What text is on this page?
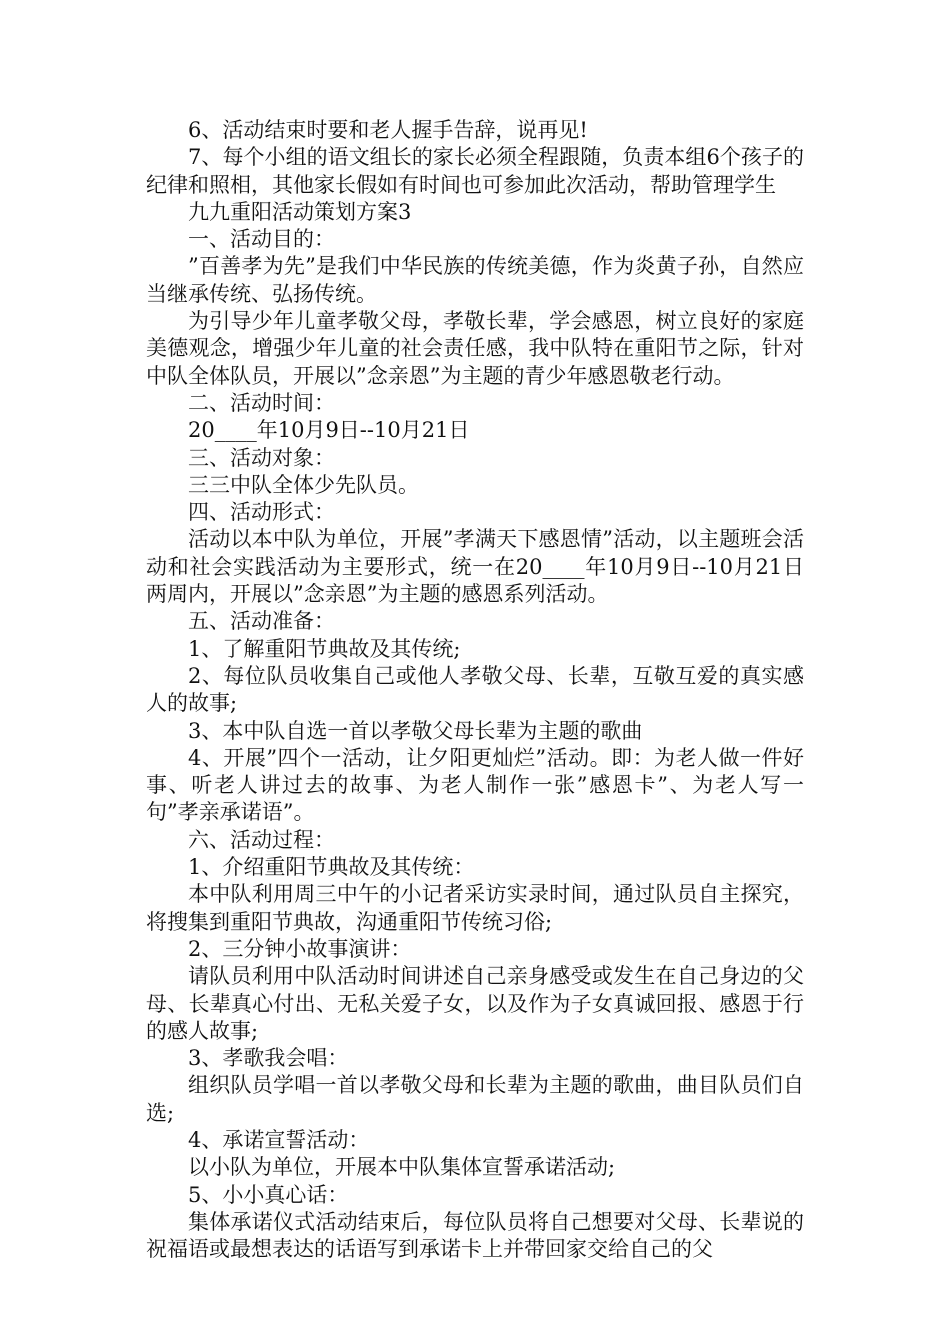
6、活动结束时要和老人握手告辞，说再见!

7、每个小组的语文组长的家长必须全程跟随，负责本组6个孩子的纪律和照相，其他家长假如有时间也可参加此次活动，帮助管理学生

九九重阳活动策划方案3

一、活动目的：

”百善孝为先”是我们中华民族的传统美德，作为炎黄子孙，自然应当继承传统、弘扬传统。

为引导少年儿童孝敬父母，孝敬长辈，学会感恩，树立良好的家庭美德观念，增强少年儿童的社会责任感，我中队特在重阳节之际，针对中队全体队员，开展以”念亲恩”为主题的青少年感恩敬老行动。

二、活动时间：

20____年10月9日--10月21日

三、活动对象：

三三中队全体少先队员。

四、活动形式：

活动以本中队为单位，开展”孝满天下感恩情”活动，以主题班会活动和社会实践活动为主要形式，统一在20____年10月9日--10月21日两周内，开展以”念亲恩”为主题的感恩系列活动。

五、活动准备：

1、了解重阳节典故及其传统;

2、每位队员收集自己或他人孝敬父母、长辈，互敬互爱的真实感人的故事;

3、本中队自选一首以孝敬父母长辈为主题的歌曲

4、开展”四个一活动，让夕阳更灿烂”活动。即：为老人做一件好事、听老人讲过去的故事、为老人制作一张”感恩卡”、为老人写一句”孝亲承诺语”。

六、活动过程：

1、介绍重阳节典故及其传统：

本中队利用周三中午的小记者采访实录时间，通过队员自主探究，将搜集到重阳节典故，沟通重阳节传统习俗;

2、三分钟小故事演讲：

请队员利用中队活动时间讲述自己亲身感受或发生在自己身边的父母、长辈真心付出、无私关爱子女，以及作为子女真诚回报、感恩于行的感人故事;

3、孝歌我会唱：

组织队员学唱一首以孝敬父母和长辈为主题的歌曲，曲目队员们自选;

4、承诺宣誓活动：

以小队为单位，开展本中队集体宣誓承诺活动;

5、小小真心话：

集体承诺仪式活动结束后，每位队员将自己想要对父母、长辈说的祝福语或最想表达的话语写到承诺卡上并带回家交给自己的父
